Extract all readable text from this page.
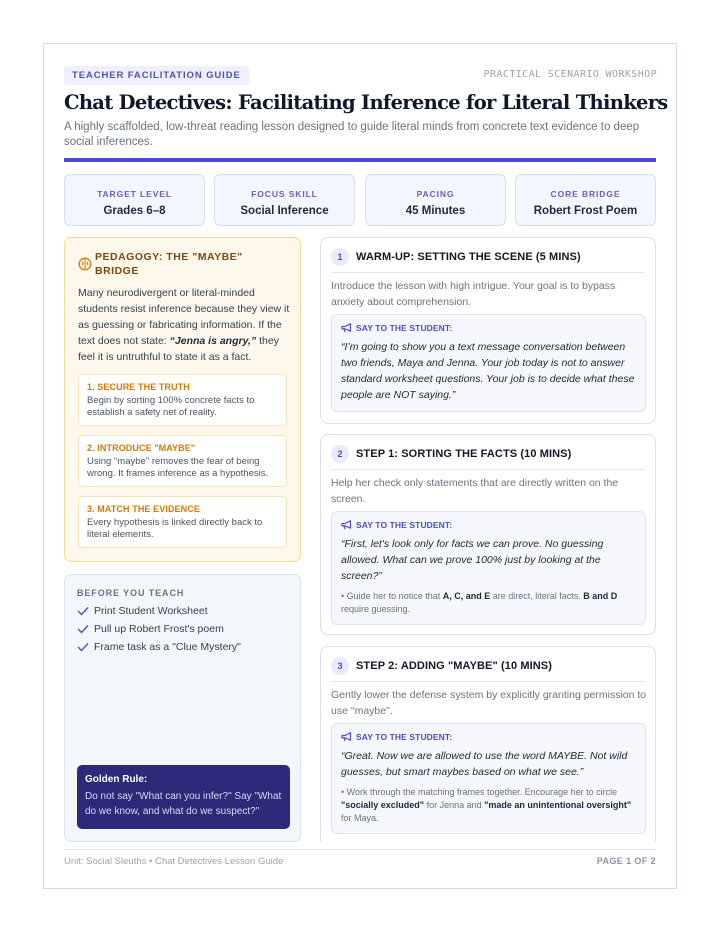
TEACHER FACILITATION GUIDE	PRACTICAL SCENARIO WORKSHOP
Chat Detectives: Facilitating Inference for Literal Thinkers

A highly scaffolded, low-threat reading lesson designed to guide literal minds from concrete text evidence to deep social inferences.

TARGET LEVEL
Grades 6–8
FOCUS SKILL
Social Inference
PACING
45 Minutes
CORE BRIDGE
Robert Frost Poem
PEDAGOGY: THE "MAYBE" BRIDGE

Many neurodivergent or literal-minded students resist inference because they view it as guessing or fabricating information. If the text does not state: “Jenna is angry,” they feel it is untruthful to state it as a fact.

1. SECURE THE TRUTH
Begin by sorting 100% concrete facts to establish a safety net of reality.
2. INTRODUCE "MAYBE"
Using "maybe" removes the fear of being wrong. It frames inference as a hypothesis.
3. MATCH THE EVIDENCE
Every hypothesis is linked directly back to literal elements.
BEFORE YOU TEACH
Print Student Worksheet
Pull up Robert Frost's poem
Frame task as a "Clue Mystery"
Golden Rule:
Do not say "What can you infer?" Say "What do we know, and what do we suspect?"
1	WARM-UP: SETTING THE SCENE (5 MINS)

Introduce the lesson with high intrigue. Your goal is to bypass anxiety about comprehension.

SAY TO THE STUDENT:

“I’m going to show you a text message conversation between two friends, Maya and Jenna. Your job today is not to answer standard worksheet questions. Your job is to decide what these people are NOT saying.”

2	STEP 1: SORTING THE FACTS (10 MINS)

Help her check only statements that are directly written on the screen.

SAY TO THE STUDENT:

“First, let's look only for facts we can prove. No guessing allowed. What can we prove 100% just by looking at the screen?”

• Guide her to notice that A, C, and E are direct, literal facts. B and D require guessing.

3	STEP 2: ADDING "MAYBE" (10 MINS)

Gently lower the defense system by explicitly granting permission to use "maybe".

SAY TO THE STUDENT:

“Great. Now we are allowed to use the word MAYBE. Not wild guesses, but smart maybes based on what we see.”

• Work through the matching frames together. Encourage her to circle "socially excluded" for Jenna and "made an unintentional oversight" for Maya.

Unit: Social Sleuths • Chat Detectives Lesson Guide	PAGE 1 OF 2
